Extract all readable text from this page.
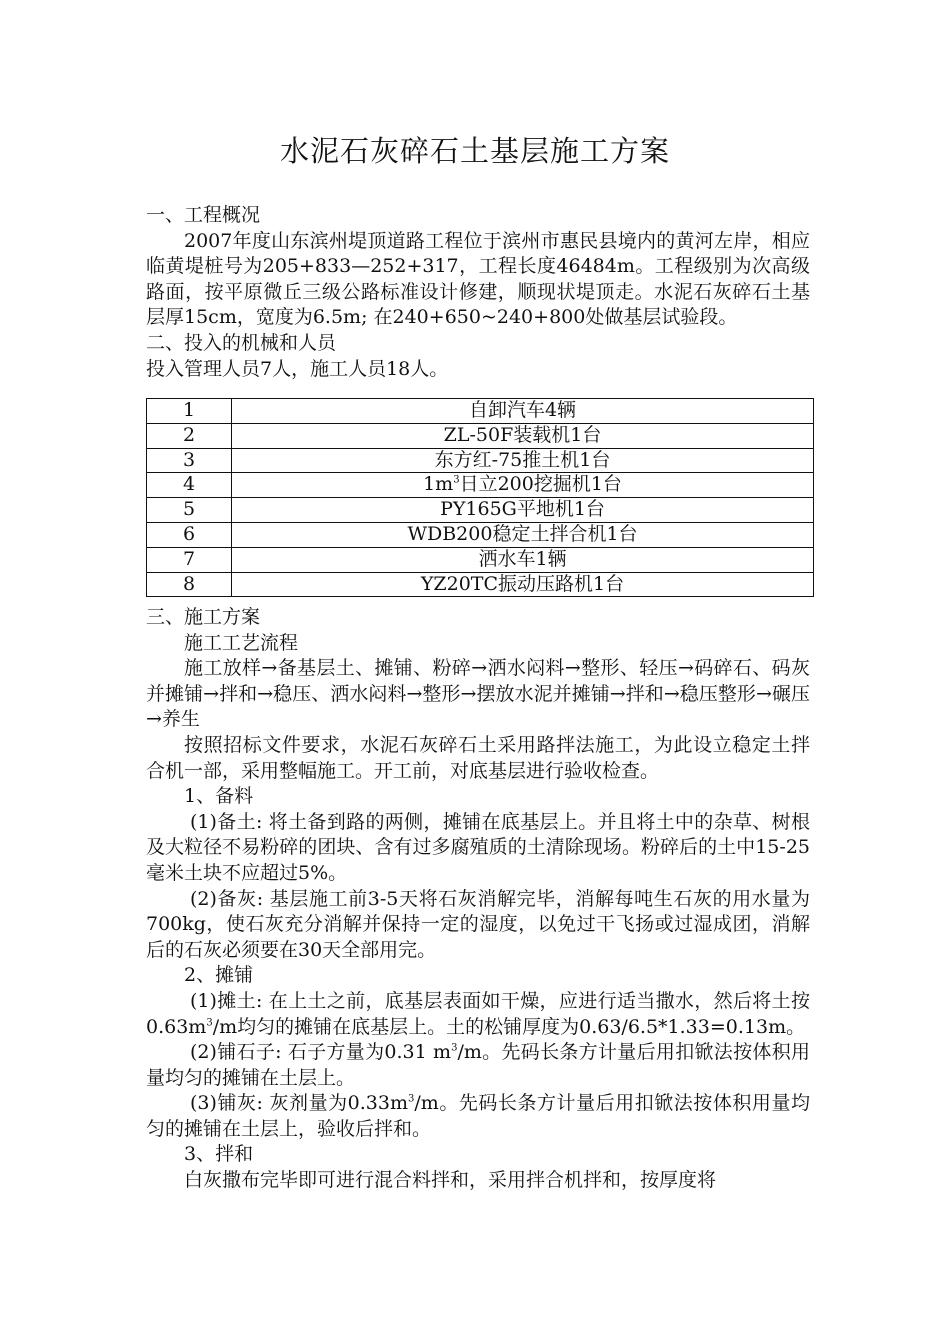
水泥石灰碎石土基层施工方案

一、工程概况

2007年度山东滨州堤顶道路工程位于滨州市惠民县境内的黄河左岸，相应临黄堤桩号为205+833—252+317，工程长度46484m。工程级别为次高级路面，按平原微丘三级公路标准设计修建，顺现状堤顶走。水泥石灰碎石土基层厚15cm，宽度为6.5m; 在240+650~240+800处做基层试验段。

二、投入的机械和人员

投入管理人员7人，施工人员18人。

1	自卸汽车4辆
2	ZL-50F装载机1台
3	东方红-75推土机1台
4	$1m^3$日立200挖掘机1台
5	PY165G平地机1台
6	WDB200稳定土拌合机1台
7	洒水车1辆
8	YZ20TC振动压路机1台

三、施工方案

施工工艺流程

施工放样→备基层土、摊铺、粉碎→洒水闷料→整形、轻压→码碎石、码灰并摊铺→拌和→稳压、洒水闷料→整形→摆放水泥并摊铺→拌和→稳压整形→碾压→养生

按照招标文件要求，水泥石灰碎石土采用路拌法施工，为此设立稳定土拌合机一部，采用整幅施工。开工前，对底基层进行验收检查。

1、备料

(1)备土: 将土备到路的两侧，摊铺在底基层上。并且将土中的杂草、树根及大粒径不易粉碎的团块、含有过多腐殖质的土清除现场。粉碎后的土中15-25毫米土块不应超过5%。

(2)备灰: 基层施工前3-5天将石灰消解完毕，消解每吨生石灰的用水量为700kg，使石灰充分消解并保持一定的湿度，以免过干飞扬或过湿成团，消解后的石灰必须要在30天全部用完。

2、摊铺

(1)摊土: 在上土之前，底基层表面如干燥，应进行适当撒水，然后将土按$0.63m^3/m$均匀的摊铺在底基层上。土的松铺厚度为0.63/6.5*1.33=0.13m。

(2)铺石子: 石子方量为0.31 $m^3/m$。先码长条方计量后用扣锨法按体积用量均匀的摊铺在土层上。

(3)铺灰: 灰剂量为$0.33m^3/m$。先码长条方计量后用扣锨法按体积用量均匀的摊铺在土层上，验收后拌和。

3、拌和

白灰撒布完毕即可进行混合料拌和，采用拌合机拌和，按厚度将
